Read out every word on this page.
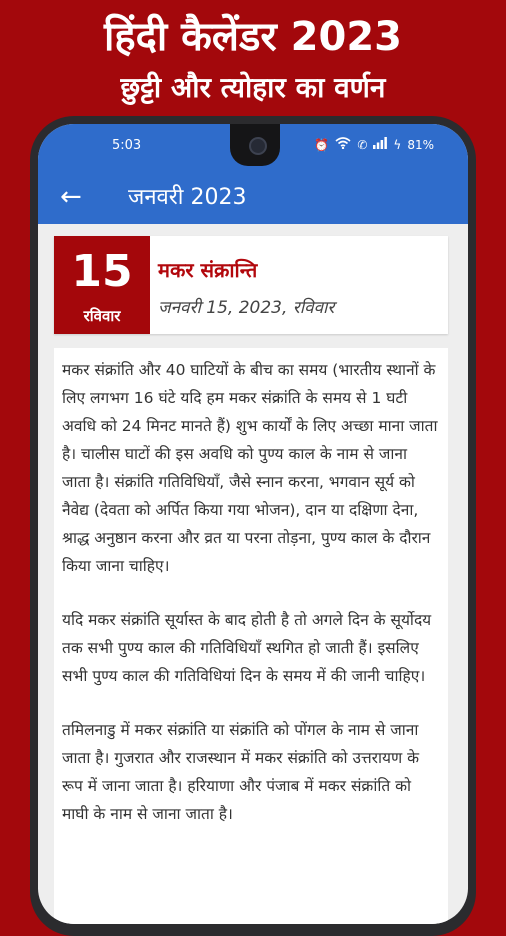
हिंदी कैलेंडर 2023
छुट्टी और त्योहार का वर्णन
5:03	⏰ ✆ ϟ 81%
←	जनवरी 2023
15
रविवार
मकर संक्रान्ति
जनवरी 15, 2023, रविवार

मकर संक्रांति और 40 घाटियों के बीच का समय (भारतीय स्थानों के लिए लगभग 16 घंटे यदि हम मकर संक्रांति के समय से 1 घटी अवधि को 24 मिनट मानते हैं) शुभ कार्यों के लिए अच्छा माना जाता है। चालीस घाटों की इस अवधि को पुण्य काल के नाम से जाना जाता है। संक्रांति गतिविधियाँ, जैसे स्नान करना, भगवान सूर्य को नैवेद्य (देवता को अर्पित किया गया भोजन), दान या दक्षिणा देना, श्राद्ध अनुष्ठान करना और व्रत या परना तोड़ना, पुण्य काल के दौरान किया जाना चाहिए।

यदि मकर संक्रांति सूर्यास्त के बाद होती है तो अगले दिन के सूर्योदय तक सभी पुण्य काल की गतिविधियाँ स्थगित हो जाती हैं। इसलिए सभी पुण्य काल की गतिविधियां दिन के समय में की जानी चाहिए।

तमिलनाडु में मकर संक्रांति या संक्रांति को पोंगल के नाम से जाना जाता है। गुजरात और राजस्थान में मकर संक्रांति को उत्तरायण के रूप में जाना जाता है। हरियाणा और पंजाब में मकर संक्रांति को माघी के नाम से जाना जाता है।
